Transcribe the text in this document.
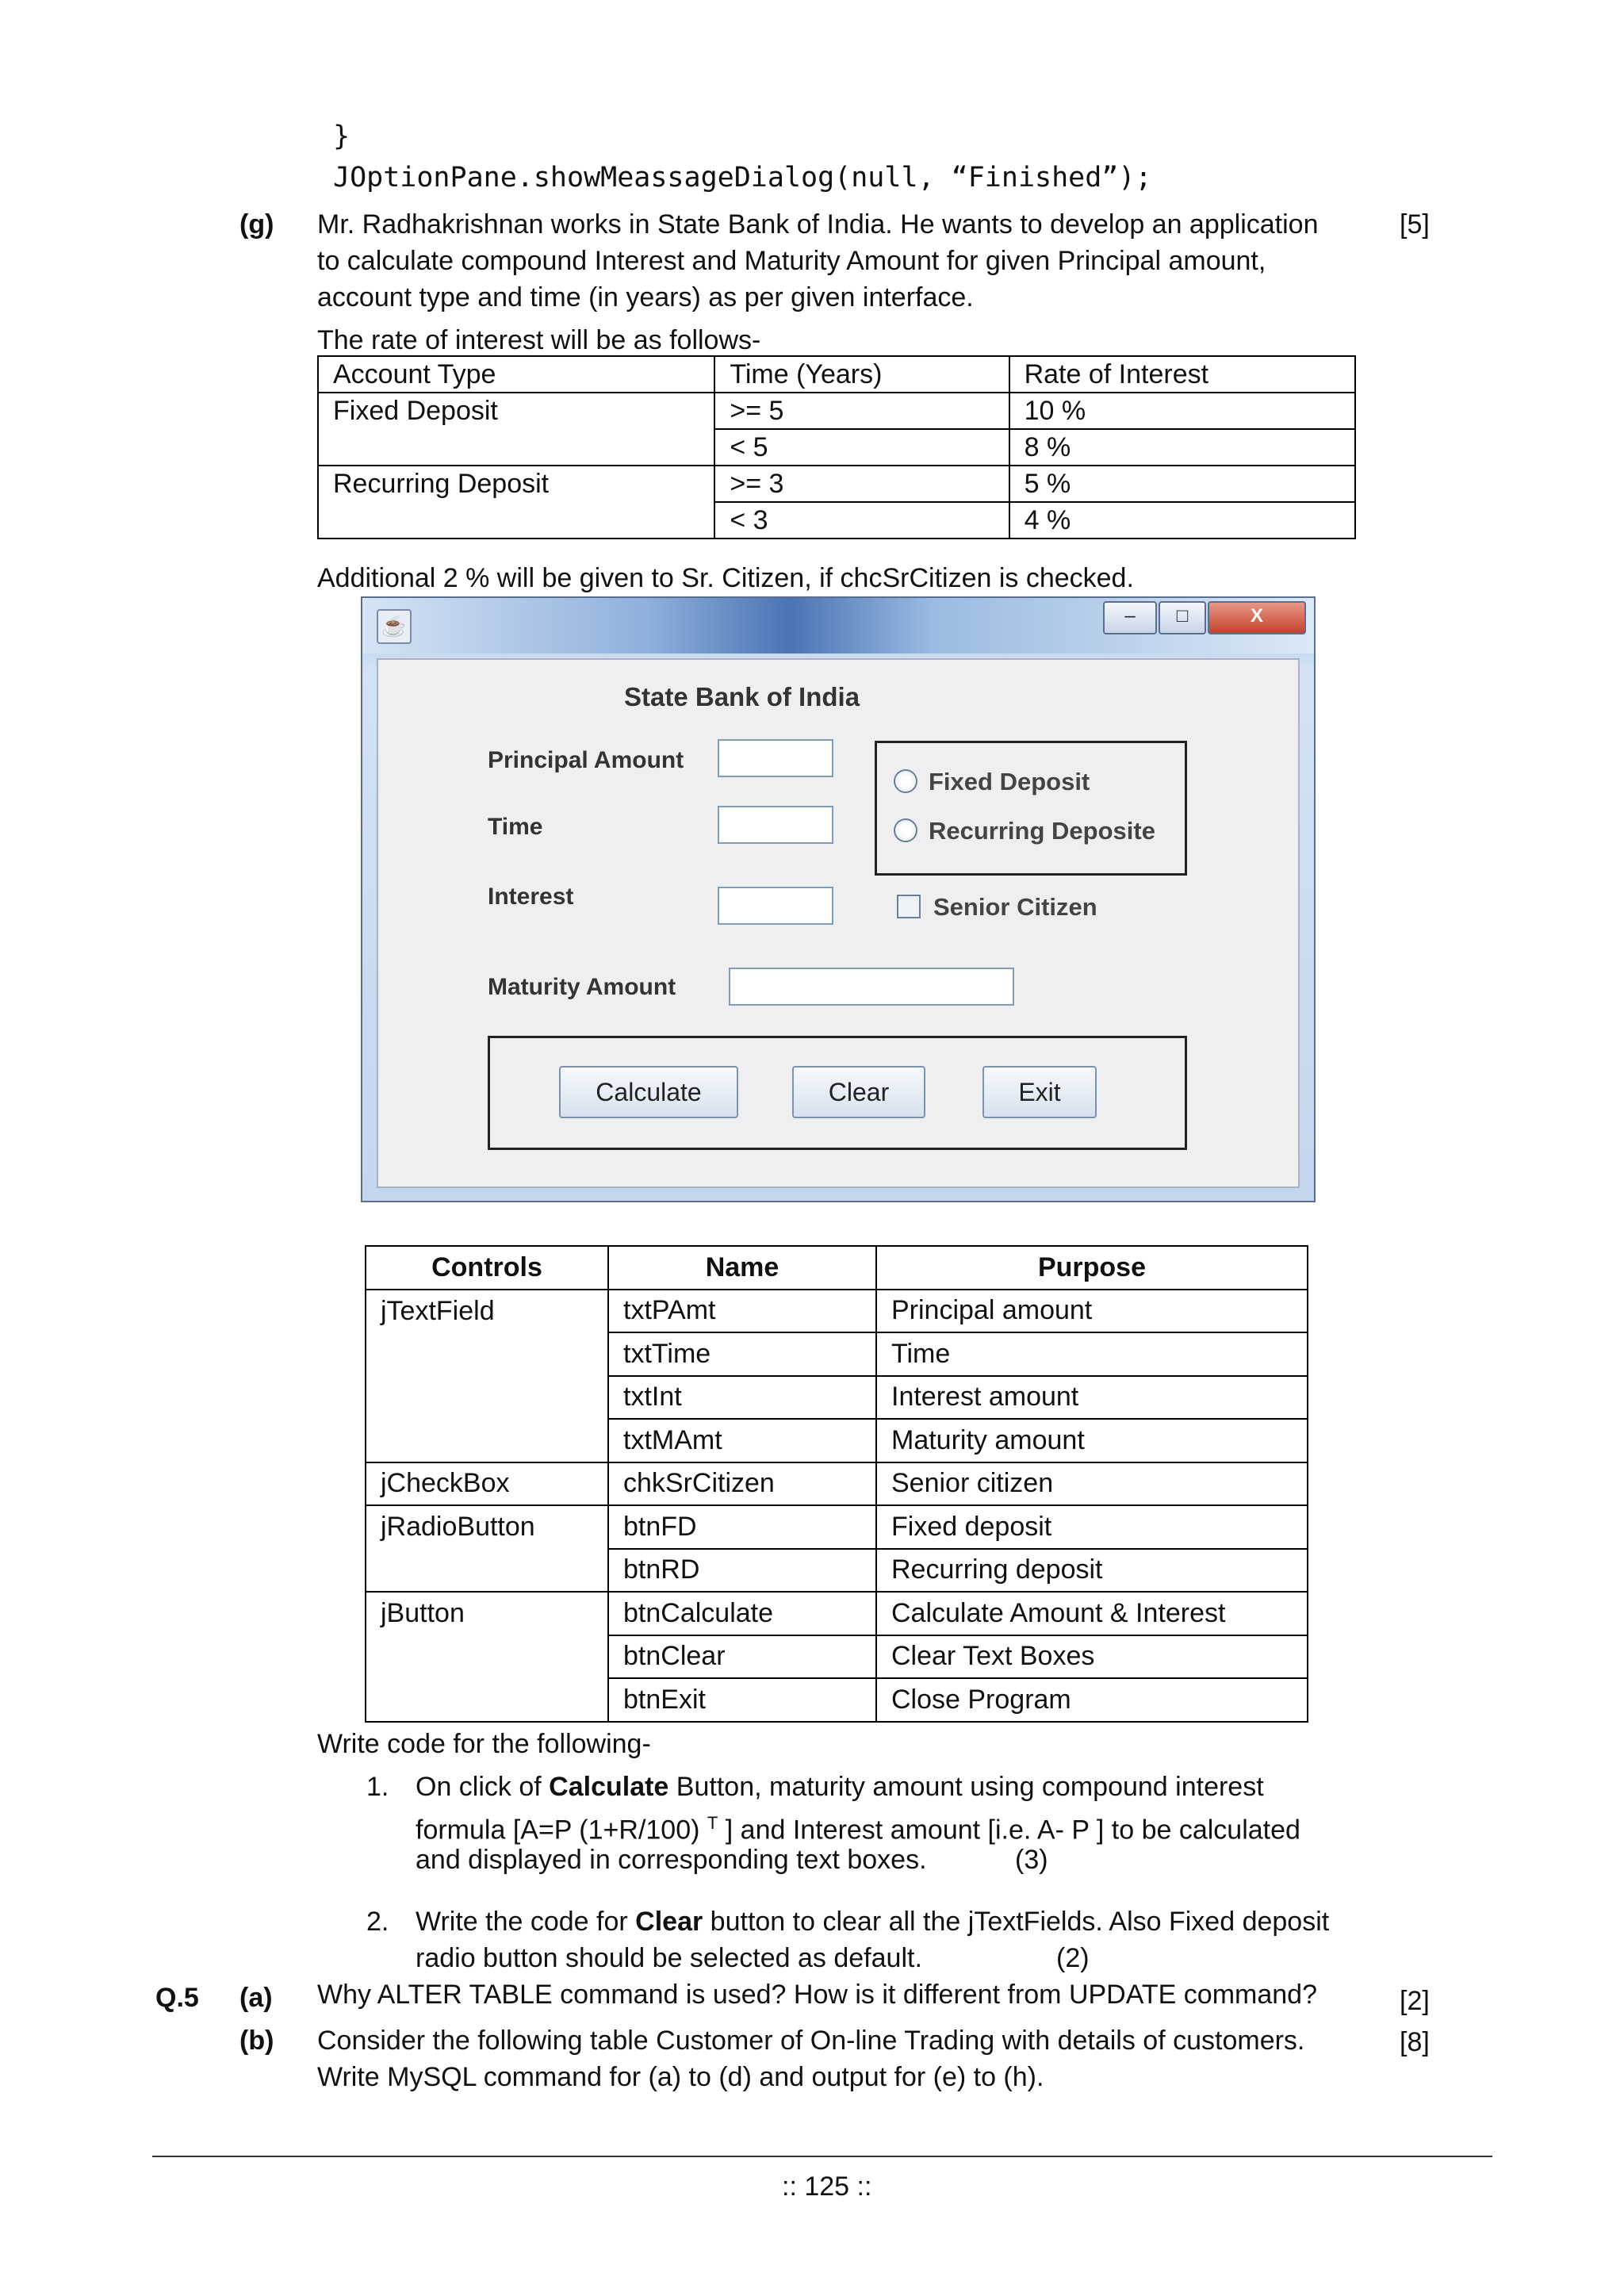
}
JOptionPane.showMeassageDialog(null, “Finished”);
(g)	[5]
Mr. Radhakrishnan works in State Bank of India. He wants to develop an application
to calculate compound Interest and Maturity Amount for given Principal amount,
account type and time (in years) as per given interface.
The rate of interest will be as follows-
Account Type	Time (Years)	Rate of Interest
Fixed Deposit	>= 5	10 %
	< 5	8 %
Recurring Deposit	>= 3	5 %
	< 3	4 %
Additional 2 % will be given to Sr. Citizen, if chcSrCitizen is checked.
☕	–	□	X
State Bank of India
Principal Amount
Time
Interest
Maturity Amount
Fixed Deposit
Recurring Deposite
Senior Citizen
Calculate	Clear	Exit
Controls	Name	Purpose
jTextField	txtPAmt	Principal amount
	txtTime	Time
	txtInt	Interest amount
	txtMAmt	Maturity amount
jCheckBox	chkSrCitizen	Senior citizen
jRadioButton	btnFD	Fixed deposit
	btnRD	Recurring deposit
jButton	btnCalculate	Calculate Amount & Interest
	btnClear	Clear Text Boxes
	btnExit	Close Program
Write code for the following-
1. On click of Calculate Button, maturity amount using compound interest
formula [A=P (1+R/100) $^T$ ] and Interest amount [i.e. A- P ] to be calculated
and displayed in corresponding text boxes.	(3)
2. Write the code for Clear button to clear all the jTextFields. Also Fixed deposit
radio button should be selected as default.	(2)
Q.5 (a) Why ALTER TABLE command is used? How is it different from UPDATE command?	[2]
(b) Consider the following table Customer of On-line Trading with details of customers.
Write MySQL command for (a) to (d) and output for (e) to (h).
[8]
:: 125 ::
